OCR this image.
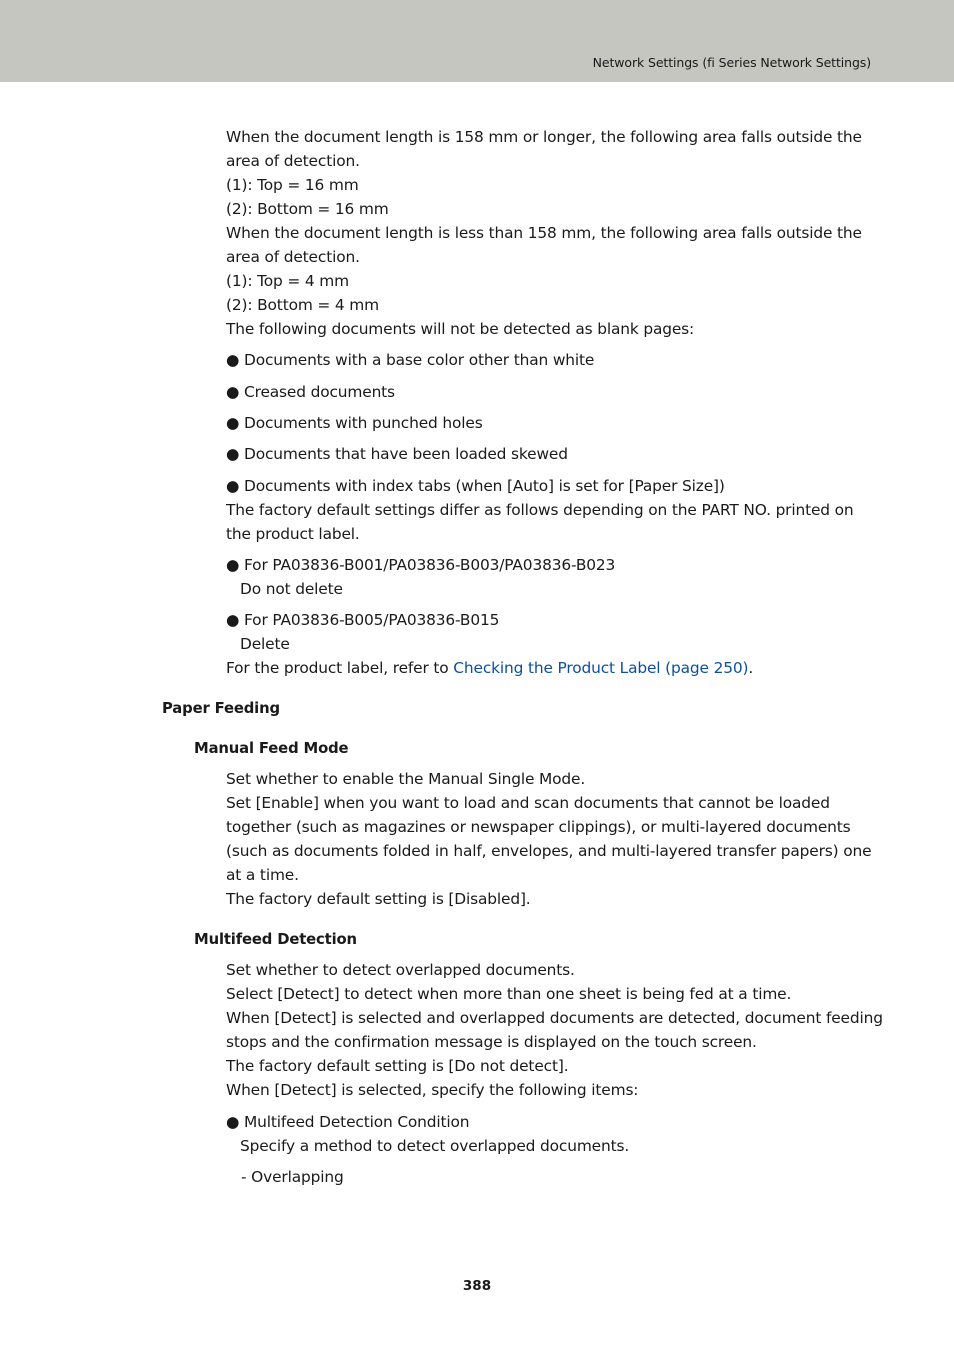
Network Settings (fi Series Network Settings)
When the document length is 158 mm or longer, the following area falls outside the
area of detection.
(1): Top = 16 mm
(2): Bottom = 16 mm
When the document length is less than 158 mm, the following area falls outside the
area of detection.
(1): Top = 4 mm
(2): Bottom = 4 mm
The following documents will not be detected as blank pages:
● Documents with a base color other than white
● Creased documents
● Documents with punched holes
● Documents that have been loaded skewed
● Documents with index tabs (when [Auto] is set for [Paper Size])
The factory default settings differ as follows depending on the PART NO. printed on
the product label.
● For PA03836-B001/PA03836-B003/PA03836-B023
Do not delete
● For PA03836-B005/PA03836-B015
Delete
For the product label, refer to Checking the Product Label (page 250).
Paper Feeding
Manual Feed Mode
Set whether to enable the Manual Single Mode.
Set [Enable] when you want to load and scan documents that cannot be loaded
together (such as magazines or newspaper clippings), or multi-layered documents
(such as documents folded in half, envelopes, and multi-layered transfer papers) one
at a time.
The factory default setting is [Disabled].
Multifeed Detection
Set whether to detect overlapped documents.
Select [Detect] to detect when more than one sheet is being fed at a time.
When [Detect] is selected and overlapped documents are detected, document feeding
stops and the confirmation message is displayed on the touch screen.
The factory default setting is [Do not detect].
When [Detect] is selected, specify the following items:
● Multifeed Detection Condition
Specify a method to detect overlapped documents.
- Overlapping
388
